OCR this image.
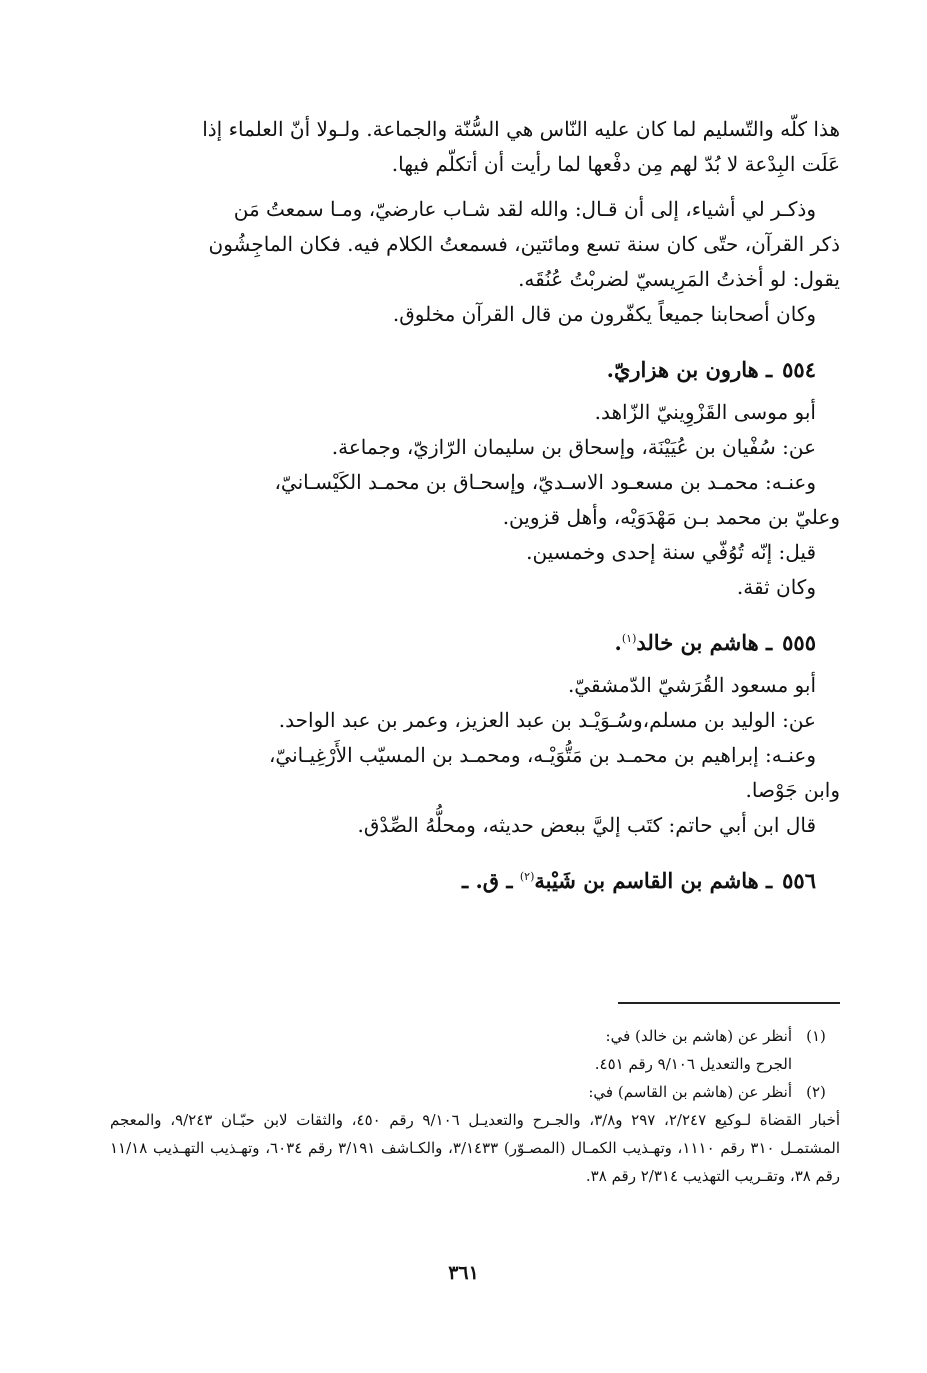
هذا كلّه والتّسليم لما كان عليه النّاس هي السُّنّة والجماعة. ولـولا أنّ العلماء إذا
عَلَت البِدْعة لا بُدّ لهم مِن دفْعها لما رأيت أن أتكلّم فيها.

وذكـر لي أشياء، إلى أن قـال: والله لقد شـاب عارضيّ، ومـا سمعتُ مَن
ذكر القرآن، حتّى كان سنة تسع ومائتين، فسمعتُ الكلام فيه. فكان الماجِشُون
يقول: لو أخذتُ المَرِيسيّ لضربْتُ عُنُقَه.

وكان أصحابنا جميعاً يكفّرون من قال القرآن مخلوق.

٥٥٤ـ هارون بن هزاريّ.

أبو موسى القَزْوِينيّ الزّاهد.
عن: سُفْيان بن عُيَيْنَة، وإسحاق بن سليمان الرّازيّ، وجماعة.
وعنـه: محمـد بن مسعـود الاسـديّ، وإسحـاق بن محمـد الكَيْسـانيّ،
وعليّ بن محمد بـن مَهْدَوَيْه، وأهل قزوين.
قيل: إنّه تُوُفّي سنة إحدى وخمسين.
وكان ثقة.

٥٥٥ـ هاشم بن خالد$^{(١)}$.

أبو مسعود القُرَشيّ الدّمشقيّ.
عن: الوليد بن مسلم،وسُـوَيْـد بن عبد العزيز، وعمر بن عبد الواحد.
وعنـه: إبراهيم بن محمـد بن مَتُّوَيْـه، ومحمـد بن المسيّب الأَرْغِيـانيّ،
وابن جَوْصا.
قال ابن أبي حاتم: كتَب إليَّ ببعض حديثه، ومحلُّهُ الصِّدْق.

٥٥٦ـ هاشم بن القاسم بن شَيْبة$^{(٢)}$ ـ ق. ـ
(١)
أنظر عن (هاشم بن خالد) في:
الجرح والتعديل ٩/١٠٦ رقم ٤٥١.
(٢)
أنظر عن (هاشم بن القاسم) في:

أخبار القضاة لـوكيع ٢/٢٤٧، ٢٩٧ و٣/٨، والجـرح والتعديـل ٩/١٠٦ رقم ٤٥٠، والثقات لابن حبّـان ٩/٢٤٣، والمعجم المشتمـل ٣١٠ رقم ١١١٠، وتهـذيب الكمـال (المصـوّر) ٣/١٤٣٣، والكـاشف ٣/١٩١ رقم ٦٠٣٤، وتهـذيب التهـذيب ١١/١٨ رقم ٣٨، وتقـريب التهذيب ٢/٣١٤ رقم ٣٨.

٣٦١
